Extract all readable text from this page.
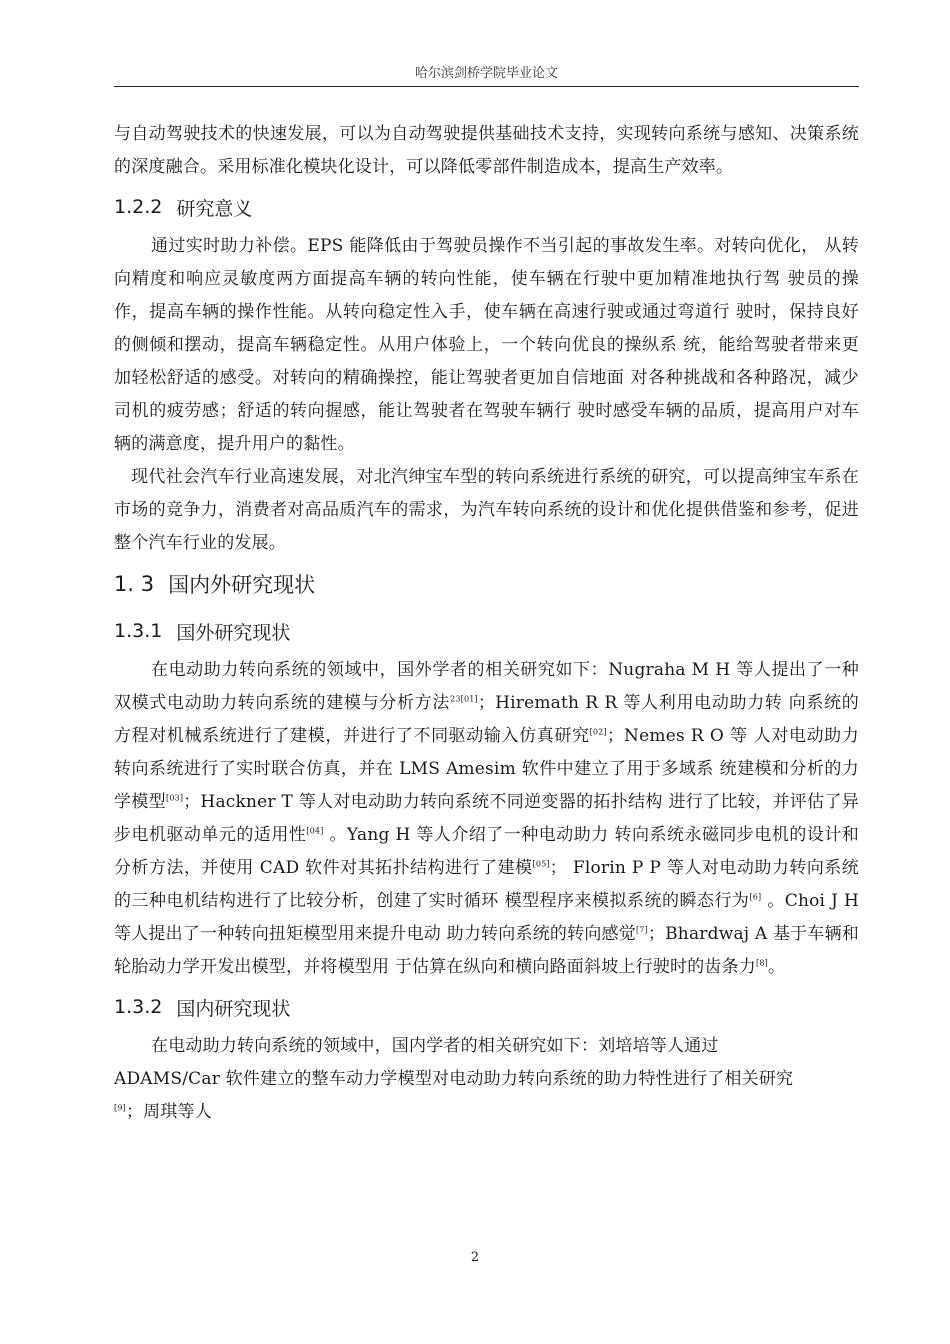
哈尔滨剑桥学院毕业论文

与自动驾驶技术的快速发展，可以为自动驾驶提供基础技术支持，实现转向系统与感知、决策系统的深度融合。采用标准化模块化设计，可以降低零部件制造成本，提高生产效率。

1.2.2 研究意义

通过实时助力补偿。EPS 能降低由于驾驶员操作不当引起的事故发生率。对转向优化， 从转向精度和响应灵敏度两方面提高车辆的转向性能，使车辆在行驶中更加精准地执行驾 驶员的操作，提高车辆的操作性能。从转向稳定性入手，使车辆在高速行驶或通过弯道行 驶时，保持良好的侧倾和摆动，提高车辆稳定性。从用户体验上，一个转向优良的操纵系 统，能给驾驶者带来更加轻松舒适的感受。对转向的精确操控，能让驾驶者更加自信地面 对各种挑战和各种路况，减少司机的疲劳感；舒适的转向握感，能让驾驶者在驾驶车辆行 驶时感受车辆的品质，提高用户对车辆的满意度，提升用户的黏性。

现代社会汽车行业高速发展，对北汽绅宝车型的转向系统进行系统的研究，可以提高绅宝车系在市场的竞争力，消费者对高品质汽车的需求，为汽车转向系统的设计和优化提供借鉴和参考，促进整个汽车行业的发展。

1. 3 国内外研究现状
1.3.1 国外研究现状

在电动助力转向系统的领域中，国外学者的相关研究如下：Nugraha M H 等人提出了一种双模式电动助力转向系统的建模与分析方法$^{23[01]}$；Hiremath R R 等人利用电动助力转 向系统的方程对机械系统进行了建模，并进行了不同驱动输入仿真研究[02]；Nemes R O 等 人对电动助力转向系统进行了实时联合仿真，并在 LMS Amesim 软件中建立了用于多域系 统建模和分析的力学模型[03]；Hackner T 等人对电动助力转向系统不同逆变器的拓扑结构 进行了比较，并评估了异步电机驱动单元的适用性[04] 。Yang H 等人介绍了一种电动助力 转向系统永磁同步电机的设计和分析方法，并使用 CAD 软件对其拓扑结构进行了建模[05]； Florin P P 等人对电动助力转向系统的三种电机结构进行了比较分析，创建了实时循环 模型程序来模拟系统的瞬态行为[6] 。Choi J H 等人提出了一种转向扭矩模型用来提升电动 助力转向系统的转向感觉[7]；Bhardwaj A 基于车辆和轮胎动力学开发出模型，并将模型用 于估算在纵向和横向路面斜坡上行驶时的齿条力[8]。

1.3.2 国内研究现状

在电动助力转向系统的领域中，国内学者的相关研究如下：刘培培等人通过

ADAMS/Car 软件建立的整车动力学模型对电动助力转向系统的助力特性进行了相关研究

[9]；周琪等人

2
